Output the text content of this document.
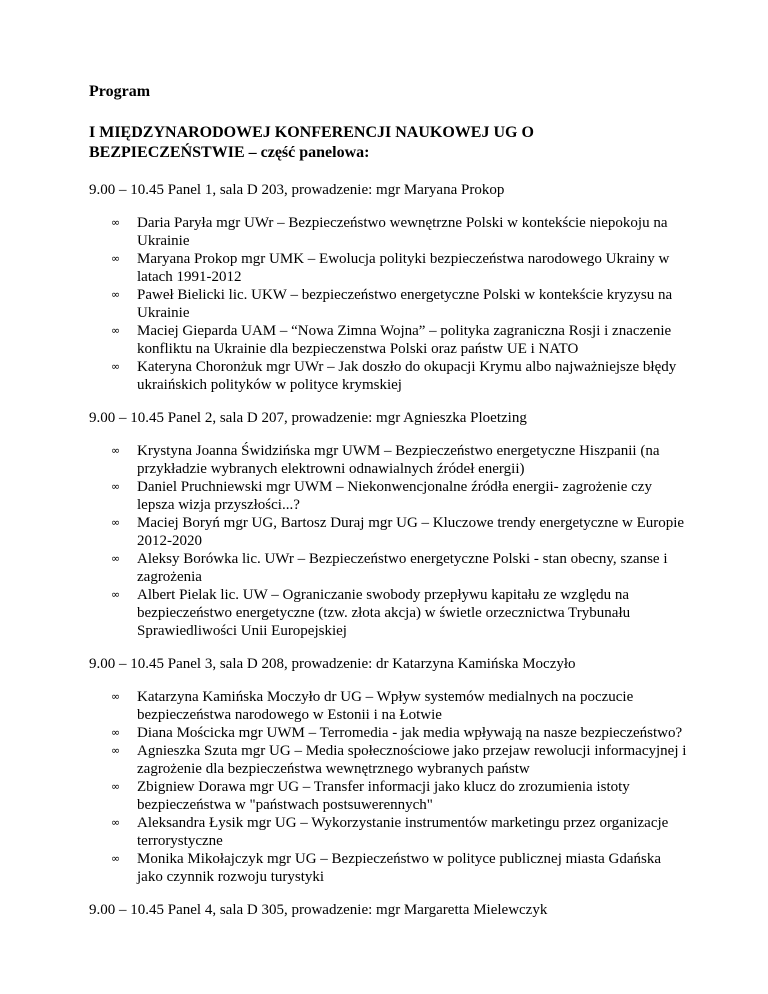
Program
I MIĘDZYNARODOWEJ KONFERENCJI NAUKOWEJ UG O BEZPIECZEŃSTWIE – część panelowa:
9.00 – 10.45 Panel 1, sala D 203, prowadzenie: mgr Maryana Prokop
∞ Daria Paryła mgr UWr – Bezpieczeństwo wewnętrzne Polski w kontekście niepokoju na Ukrainie
∞ Maryana Prokop mgr UMK – Ewolucja polityki bezpieczeństwa narodowego Ukrainy w latach 1991-2012
∞ Paweł Bielicki lic. UKW – bezpieczeństwo energetyczne Polski w kontekście kryzysu na Ukrainie
∞ Maciej Gieparda UAM – “Nowa Zimna Wojna” – polityka zagraniczna Rosji i znaczenie konfliktu na Ukrainie dla bezpieczenstwa Polski oraz państw UE i NATO
∞ Kateryna Choronżuk mgr UWr – Jak doszło do okupacji Krymu albo najważniejsze błędy ukraińskich polityków w polityce krymskiej
9.00 – 10.45 Panel 2, sala D 207, prowadzenie: mgr Agnieszka Ploetzing
∞ Krystyna Joanna Świdzińska mgr UWM – Bezpieczeństwo energetyczne Hiszpanii (na przykładzie wybranych elektrowni odnawialnych źródeł energii)
∞ Daniel Pruchniewski mgr UWM – Niekonwencjonalne źródła energii- zagrożenie czy lepsza wizja przyszłości...?
∞ Maciej Boryń mgr UG, Bartosz Duraj mgr UG – Kluczowe trendy energetyczne w Europie 2012-2020
∞ Aleksy Borówka lic. UWr – Bezpieczeństwo energetyczne Polski - stan obecny, szanse i zagrożenia
∞ Albert Pielak lic. UW – Ograniczanie swobody przepływu kapitału ze względu na bezpieczeństwo energetyczne (tzw. złota akcja) w świetle orzecznictwa Trybunału Sprawiedliwości Unii Europejskiej
9.00 – 10.45 Panel 3, sala D 208, prowadzenie: dr Katarzyna Kamińska Moczyło
∞ Katarzyna Kamińska Moczyło dr UG – Wpływ systemów medialnych na poczucie bezpieczeństwa narodowego w Estonii i na Łotwie
∞ Diana Mościcka mgr UWM – Terromedia - jak media wpływają na nasze bezpieczeństwo?
∞ Agnieszka Szuta mgr UG – Media społecznościowe jako przejaw rewolucji informacyjnej i zagrożenie dla bezpieczeństwa wewnętrznego wybranych państw
∞ Zbigniew Dorawa mgr UG – Transfer informacji jako klucz do zrozumienia istoty bezpieczeństwa w "państwach postsuwerennych"
∞ Aleksandra Łysik mgr UG – Wykorzystanie instrumentów marketingu przez organizacje terrorystyczne
∞ Monika Mikołajczyk mgr UG – Bezpieczeństwo w polityce publicznej miasta Gdańska jako czynnik rozwoju turystyki
9.00 – 10.45 Panel 4, sala D 305, prowadzenie: mgr Margaretta Mielewczyk
